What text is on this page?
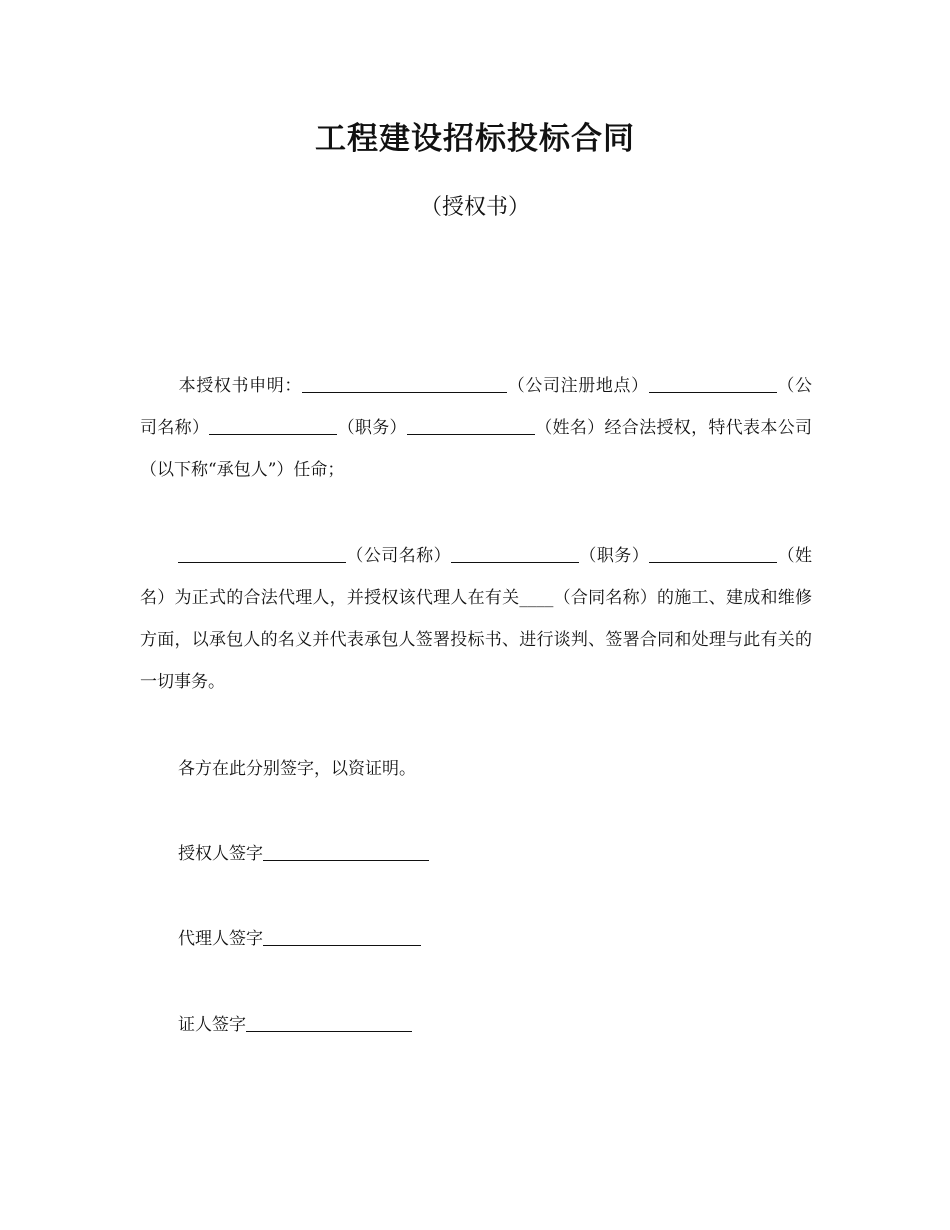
工程建设招标投标合同
（授权书）

本授权书申明：	（公司注册地点）	（公司名称）	（职务）	（姓名）经合法授权，特代表本公司（以下称“承包人”）任命；

（公司名称）	（职务）	（姓名）为正式的合法代理人，并授权该代理人在有关____（合同名称）的施工、建成和维修方面，以承包人的名义并代表承包人签署投标书、进行谈判、签署合同和处理与此有关的一切事务。

各方在此分别签字，以资证明。

授权人签字
代理人签字
证人签字
